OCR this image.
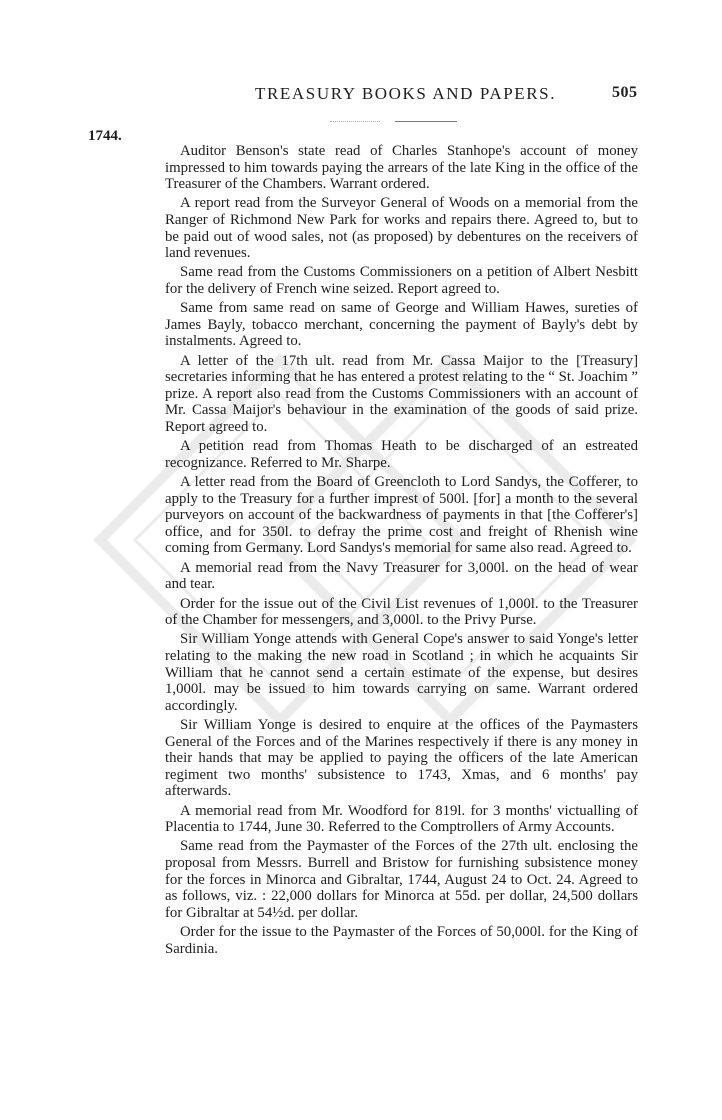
TREASURY BOOKS AND PAPERS.	505
1744.

Auditor Benson's state read of Charles Stanhope's account of money impressed to him towards paying the arrears of the late King in the office of the Treasurer of the Chambers. Warrant ordered.

A report read from the Surveyor General of Woods on a memorial from the Ranger of Richmond New Park for works and repairs there. Agreed to, but to be paid out of wood sales, not (as proposed) by debentures on the receivers of land revenues.

Same read from the Customs Commissioners on a petition of Albert Nesbitt for the delivery of French wine seized. Report agreed to.

Same from same read on same of George and William Hawes, sureties of James Bayly, tobacco merchant, concerning the payment of Bayly's debt by instalments. Agreed to.

A letter of the 17th ult. read from Mr. Cassa Maijor to the [Treasury] secretaries informing that he has entered a protest relating to the “ St. Joachim ” prize. A report also read from the Customs Commissioners with an account of Mr. Cassa Maijor's behaviour in the examination of the goods of said prize. Report agreed to.

A petition read from Thomas Heath to be discharged of an estreated recognizance. Referred to Mr. Sharpe.

A letter read from the Board of Greencloth to Lord Sandys, the Cofferer, to apply to the Treasury for a further imprest of 500l. [for] a month to the several purveyors on account of the backwardness of payments in that [the Cofferer's] office, and for 350l. to defray the prime cost and freight of Rhenish wine coming from Germany. Lord Sandys's memorial for same also read. Agreed to.

A memorial read from the Navy Treasurer for 3,000l. on the head of wear and tear.

Order for the issue out of the Civil List revenues of 1,000l. to the Treasurer of the Chamber for messengers, and 3,000l. to the Privy Purse.

Sir William Yonge attends with General Cope's answer to said Yonge's letter relating to the making the new road in Scotland ; in which he acquaints Sir William that he cannot send a certain estimate of the expense, but desires 1,000l. may be issued to him towards carrying on same. Warrant ordered accordingly.

Sir William Yonge is desired to enquire at the offices of the Paymasters General of the Forces and of the Marines respectively if there is any money in their hands that may be applied to paying the officers of the late American regiment two months' subsistence to 1743, Xmas, and 6 months' pay afterwards.

A memorial read from Mr. Woodford for 819l. for 3 months' victualling of Placentia to 1744, June 30. Referred to the Comptrollers of Army Accounts.

Same read from the Paymaster of the Forces of the 27th ult. enclosing the proposal from Messrs. Burrell and Bristow for furnishing subsistence money for the forces in Minorca and Gibraltar, 1744, August 24 to Oct. 24. Agreed to as follows, viz. : 22,000 dollars for Minorca at 55d. per dollar, 24,500 dollars for Gibraltar at 54½d. per dollar.

Order for the issue to the Paymaster of the Forces of 50,000l. for the King of Sardinia.
